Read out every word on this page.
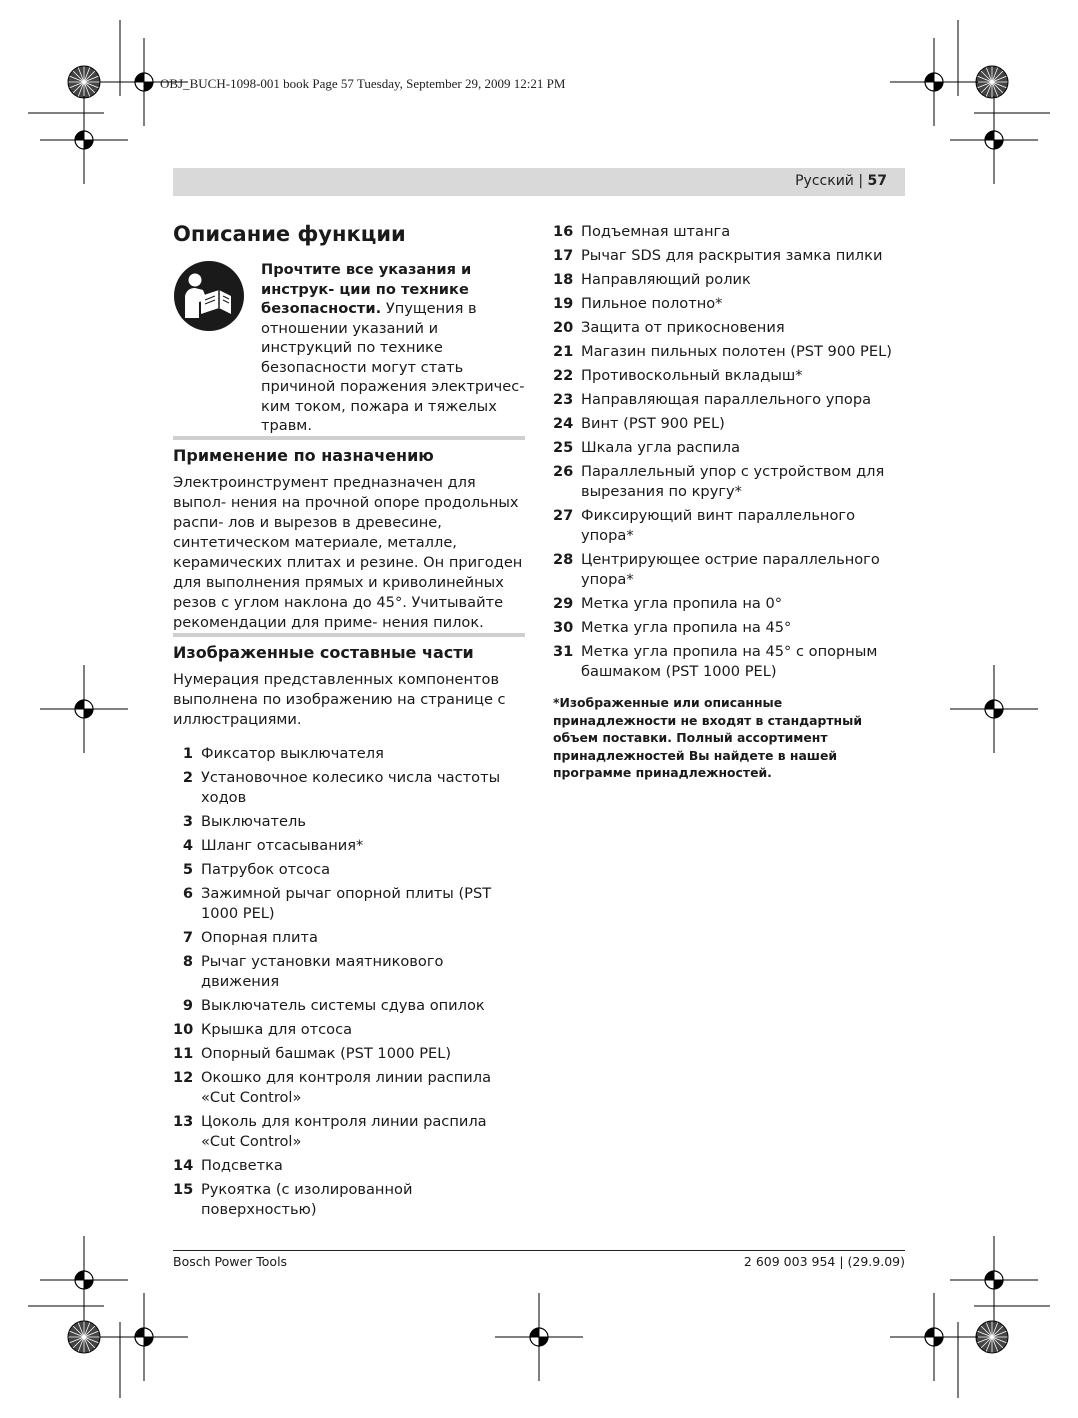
OBJ_BUCH-1098-001 book Page 57 Tuesday, September 29, 2009 12:21 PM
Русский | 57
Описание функции
Прочтите все указания и инструк- ции по технике безопасности. Упущения в отношении указаний и инструкций по технике безопасности могут стать причиной поражения электричес- ким током, пожара и тяжелых травм.
Применение по назначению

Электроинструмент предназначен для выпол- нения на прочной опоре продольных распи- лов и вырезов в древесине, синтетическом материале, металле, керамических плитах и резине. Он пригоден для выполнения прямых и криволинейных резов с углом наклона до 45°. Учитывайте рекомендации для приме- нения пилок.

Изображенные составные части

Нумерация представленных компонентов выполнена по изображению на странице с иллюстрациями.

1 Фиксатор выключателя
2 Установочное колесико числа частоты ходов
3 Выключатель
4 Шланг отсасывания*
5 Патрубок отсоса
6 Зажимной рычаг опорной плиты (PST 1000 PEL)
7 Опорная плита
8 Рычаг установки маятникового движения
9 Выключатель системы сдува опилок
10 Крышка для отсоса
11 Опорный башмак (PST 1000 PEL)
12 Окошко для контроля линии распила «Cut Control»
13 Цоколь для контроля линии распила «Cut Control»
14 Подсветка
15 Рукоятка (с изолированной поверхностью)
16 Подъемная штанга
17 Рычаг SDS для раскрытия замка пилки
18 Направляющий ролик
19 Пильное полотно*
20 Защита от прикосновения
21 Магазин пильных полотен (PST 900 PEL)
22 Противоскольный вкладыш*
23 Направляющая параллельного упора
24 Винт (PST 900 PEL)
25 Шкала угла распила
26 Параллельный упор с устройством для вырезания по кругу*
27 Фиксирующий винт параллельного упора*
28 Центрирующее острие параллельного упора*
29 Метка угла пропила на 0°
30 Метка угла пропила на 45°
31 Метка угла пропила на 45° с опорным башмаком (PST 1000 PEL)
*Изображенные или описанные принадлежности не входят в стандартный объем поставки. Полный ассортимент принадлежностей Вы найдете в нашей программе принадлежностей.
Bosch Power Tools	2 609 003 954 | (29.9.09)
